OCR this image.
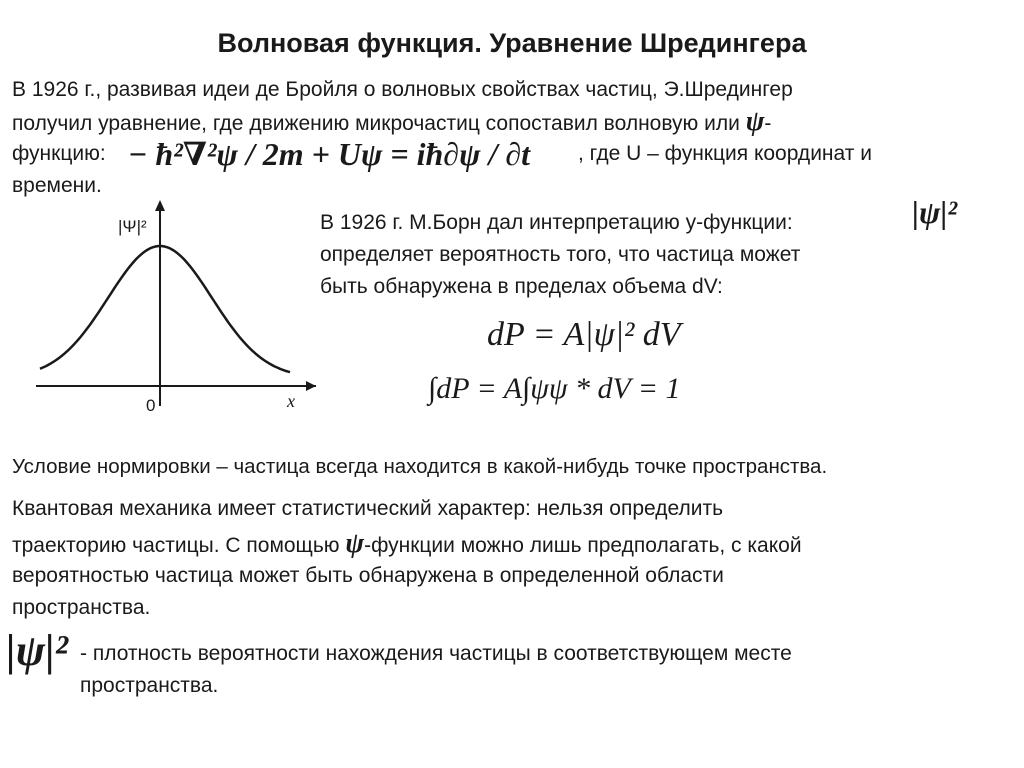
Волновая функция. Уравнение Шредингера
В 1926 г., развивая идеи де Бройля о волновых свойствах частиц, Э.Шредингер
получил уравнение, где движению микрочастиц сопоставил волновую или ψ-
функцию: − ħ²∇²ψ / 2m + Uψ = iħ∂ψ / ∂t , где U – функция координат и
времени.
|Ψ|²
0	x
В 1926 г. М.Борн дал интерпретацию y-функции:	|ψ|²
определяет вероятность того, что частица может
быть обнаружена в пределах объема dV:
dP = A|ψ|² dV
∫dP = A∫ψψ * dV = 1
Условие нормировки – частица всегда находится в какой-нибудь точке пространства.
Квантовая механика имеет статистический характер: нельзя определить
траекторию частицы. С помощью ψ-функции можно лишь предполагать, с какой
вероятностью частица может быть обнаружена в определенной области
пространства.
|ψ|² - плотность вероятности нахождения частицы в соответствующем месте
пространства.
